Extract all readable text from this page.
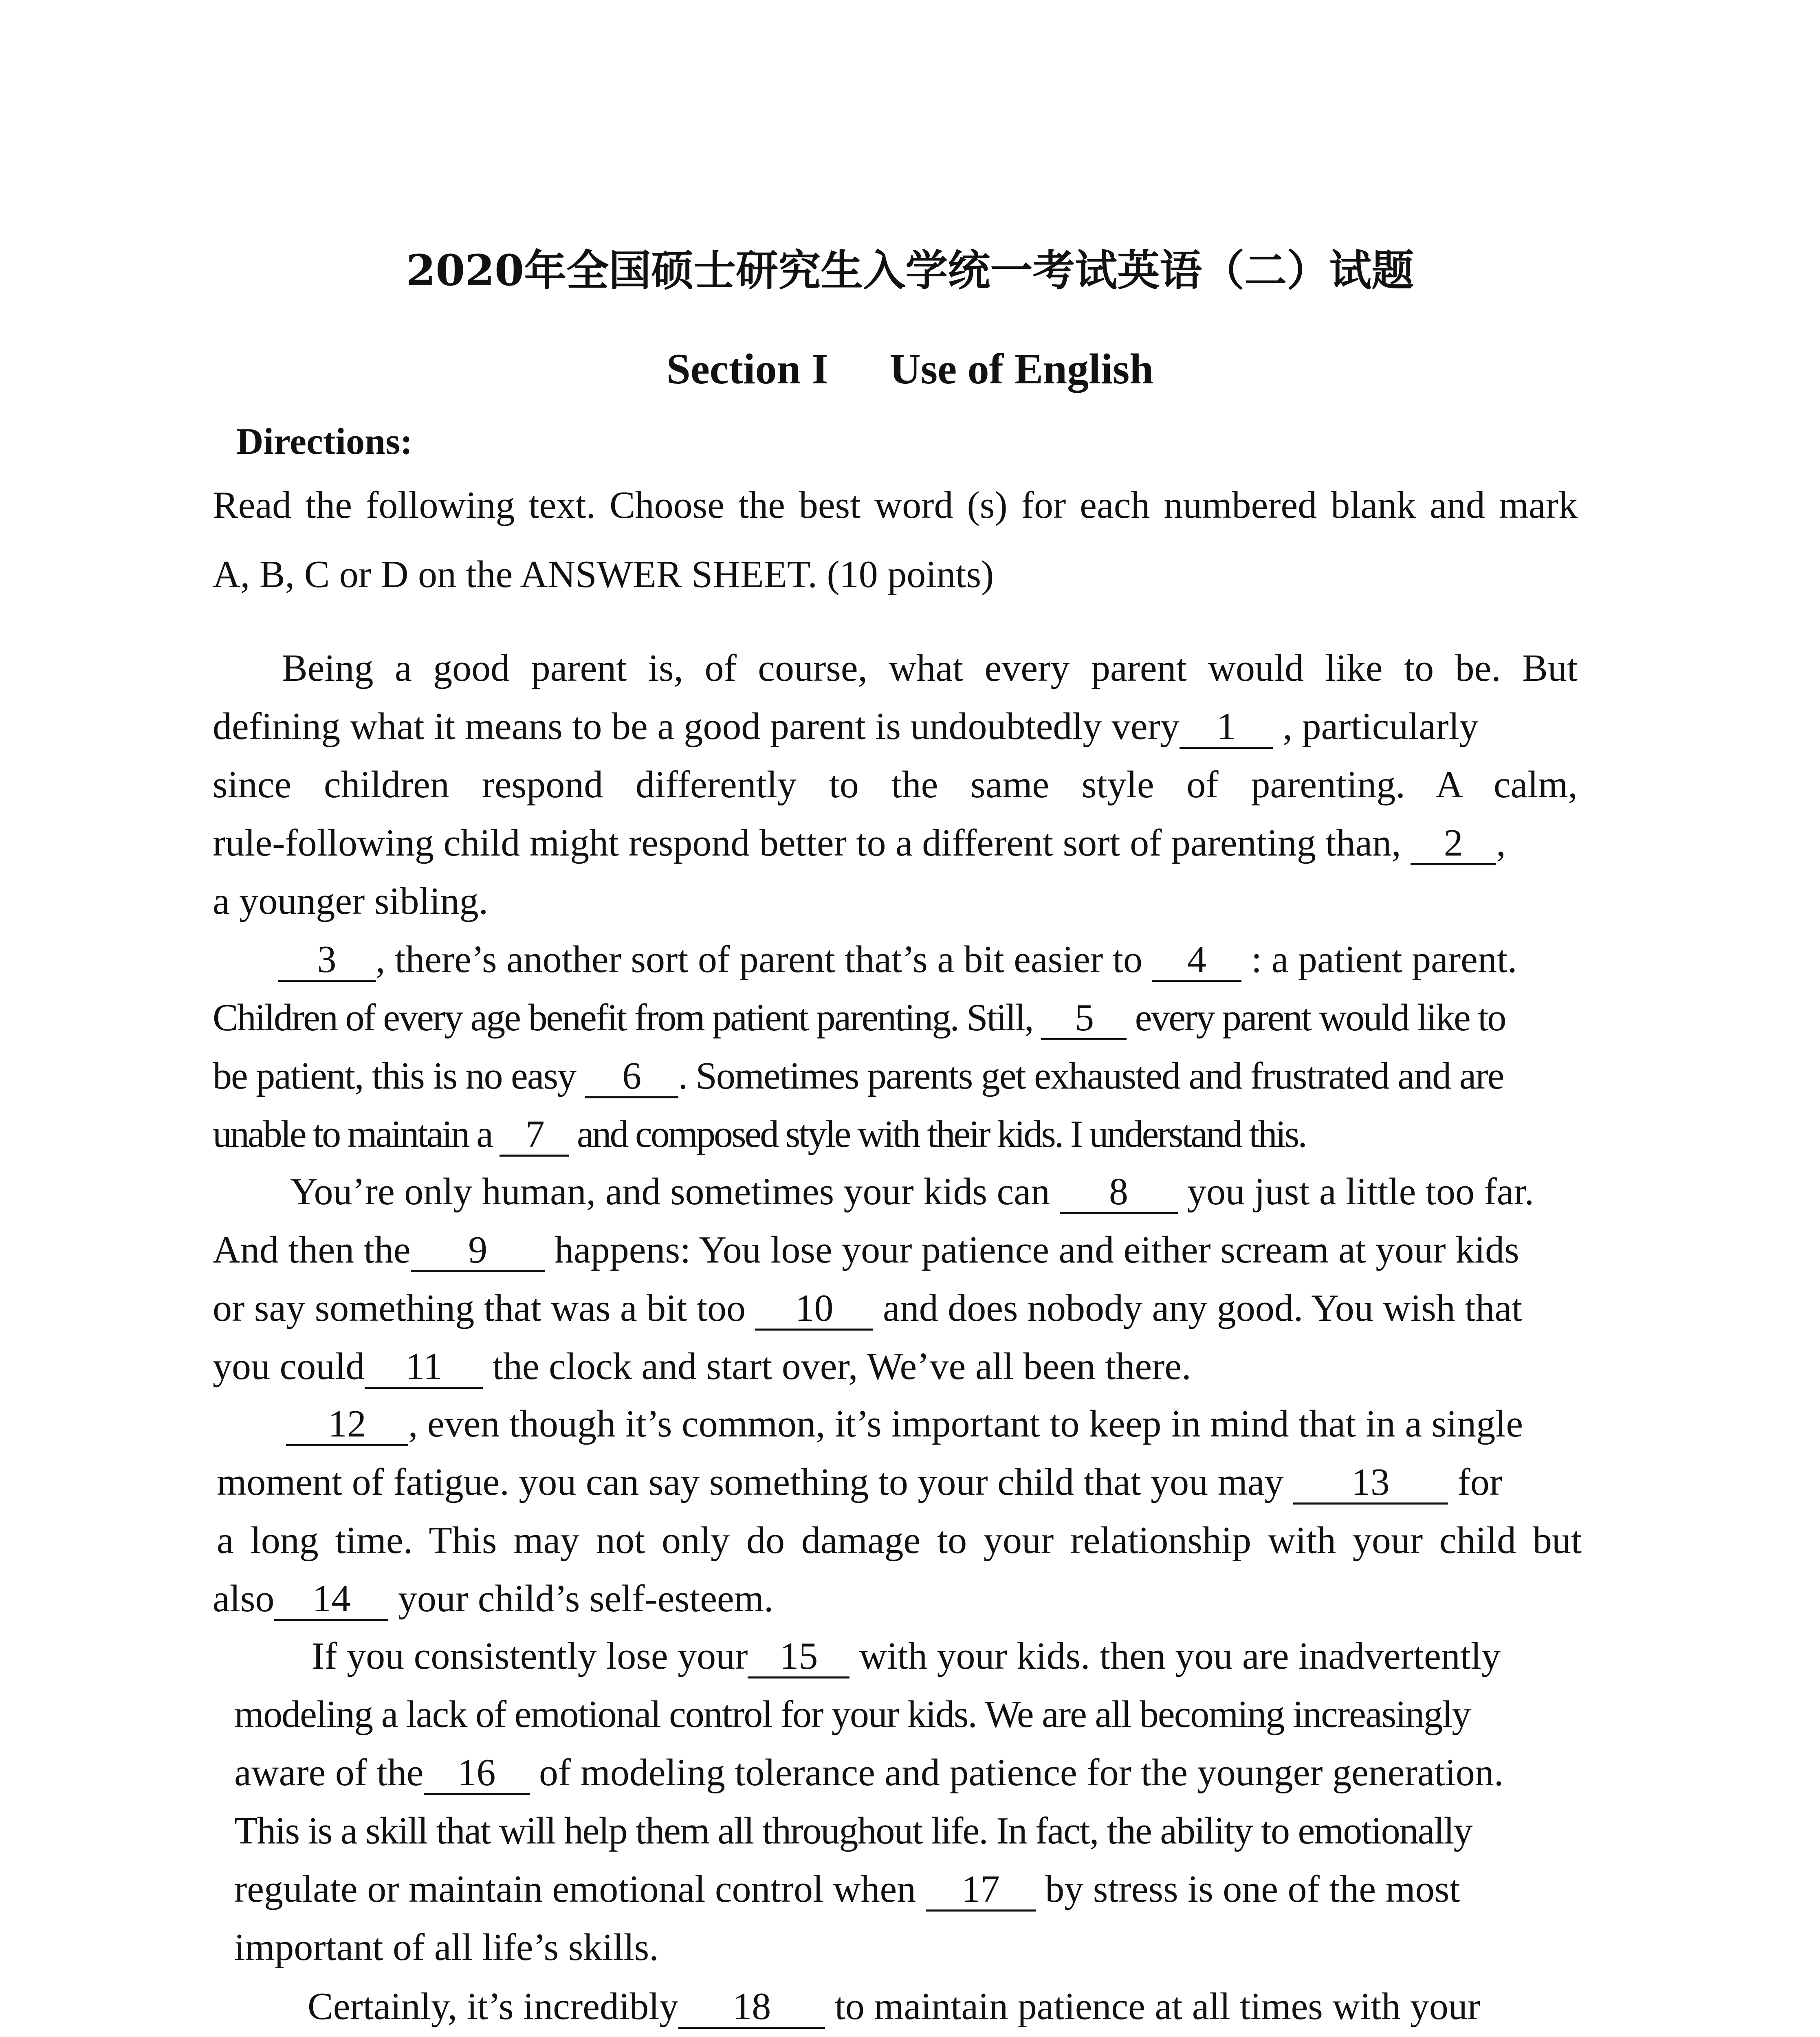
2020年全国硕士研究生入学统一考试英语（二）试题
Section I Use of English
Directions:
Read the following text. Choose the best word (s) for each numbered blank and mark
A, B, C or D on the ANSWER SHEET. (10 points)
Being a good parent is, of course, what every parent would like to be. But
defining what it means to be a good parent is undoubtedly very 1 , particularly
since children respond differently to the same style of parenting. A calm,
rule-following child might respond better to a different sort of parenting than, 2 ,
a younger sibling.
3 , there’s another sort of parent that’s a bit easier to 4 : a patient parent.
Children of every age benefit from patient parenting. Still, 5 every parent would like to
be patient, this is no easy 6 . Sometimes parents get exhausted and frustrated and are
unable to maintain a 7 and composed style with their kids. I understand this.
You’re only human, and sometimes your kids can 8 you just a little too far.
And then the 9 happens: You lose your patience and either scream at your kids
or say something that was a bit too 10 and does nobody any good. You wish that
you could 11 the clock and start over, We’ve all been there.
12 , even though it’s common, it’s important to keep in mind that in a single
moment of fatigue. you can say something to your child that you may 13 for
a long time. This may not only do damage to your relationship with your child but
also 14 your child’s self-esteem.
If you consistently lose your 15 with your kids. then you are inadvertently
modeling a lack of emotional control for your kids. We are all becoming increasingly
aware of the 16 of modeling tolerance and patience for the younger generation.
This is a skill that will help them all throughout life. In fact, the ability to emotionally
regulate or maintain emotional control when 17 by stress is one of the most
important of all life’s skills.
Certainly, it’s incredibly 18 to maintain patience at all times with your
